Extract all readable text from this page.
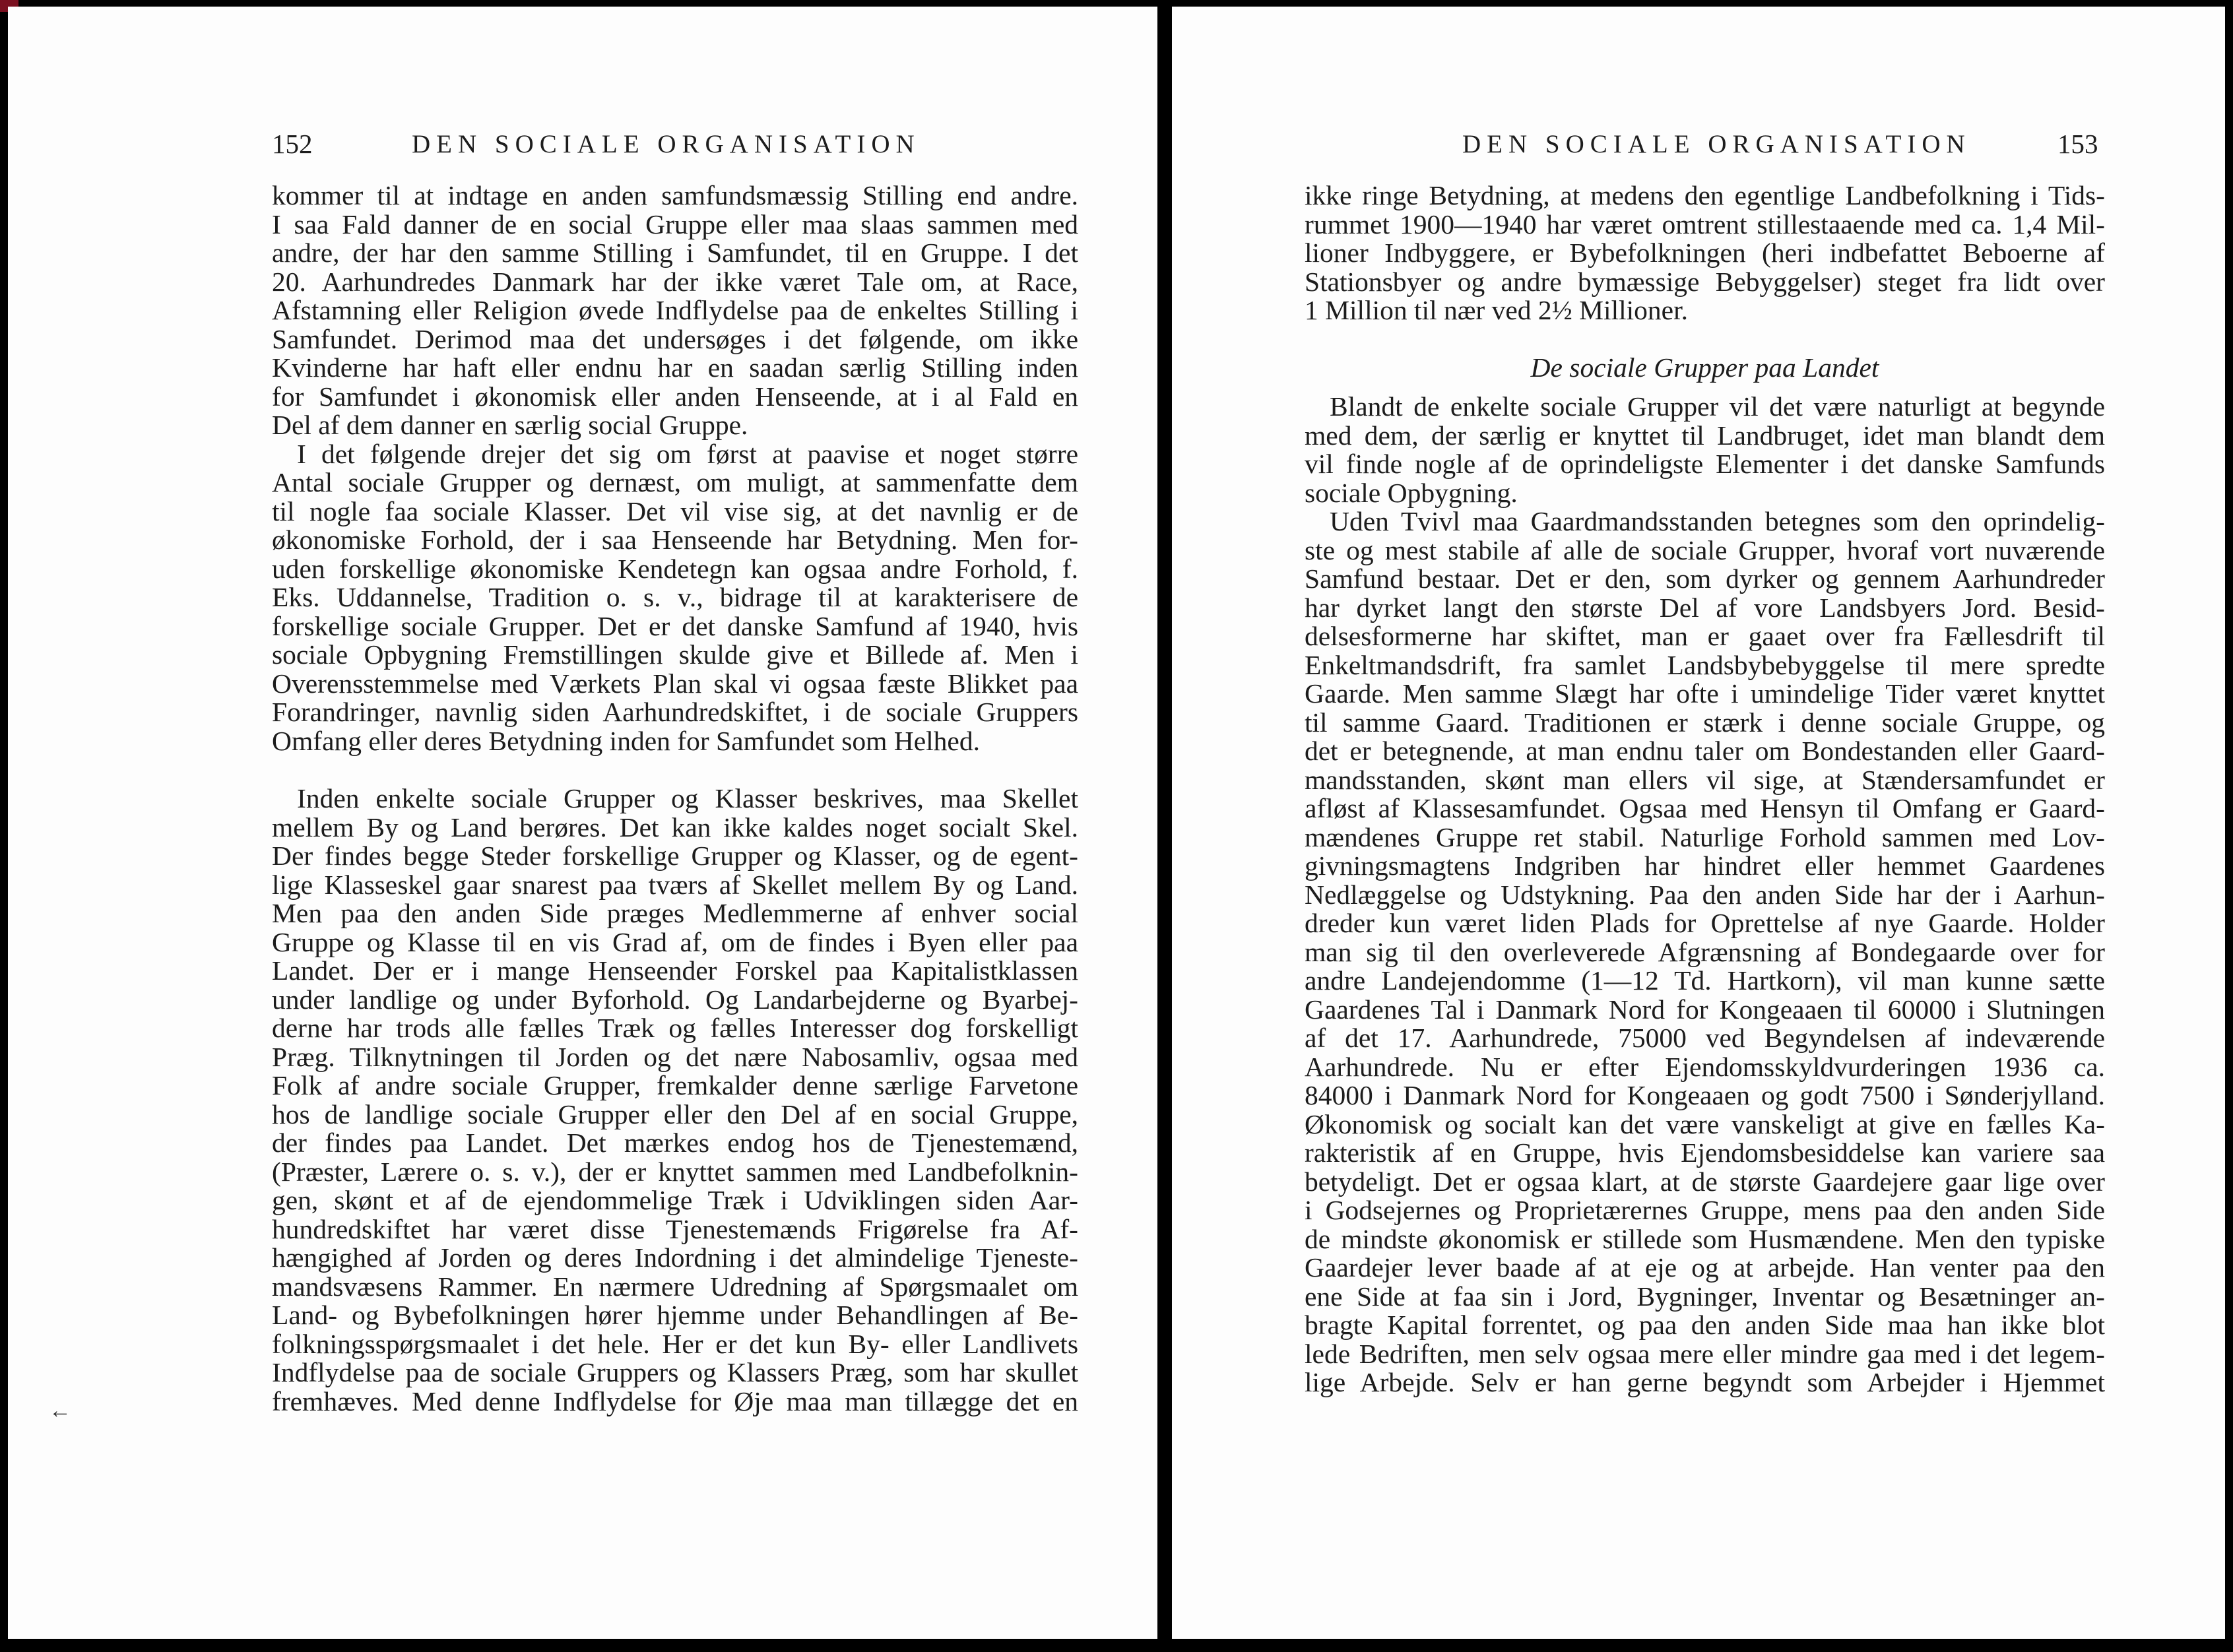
152	DEN SOCIALE ORGANISATION
kommer til at indtage en anden samfundsmæssig Stilling end andre.
I saa Fald danner de en social Gruppe eller maa slaas sammen med
andre, der har den samme Stilling i Samfundet, til en Gruppe. I det
20. Aarhundredes Danmark har der ikke været Tale om, at Race,
Afstamning eller Religion øvede Indflydelse paa de enkeltes Stilling i
Samfundet. Derimod maa det undersøges i det følgende, om ikke
Kvinderne har haft eller endnu har en saadan særlig Stilling inden
for Samfundet i økonomisk eller anden Henseende, at i al Fald en
Del af dem danner en særlig social Gruppe.
I det følgende drejer det sig om først at paavise et noget større
Antal sociale Grupper og dernæst, om muligt, at sammenfatte dem
til nogle faa sociale Klasser. Det vil vise sig, at det navnlig er de
økonomiske Forhold, der i saa Henseende har Betydning. Men for-
uden forskellige økonomiske Kendetegn kan ogsaa andre Forhold, f.
Eks. Uddannelse, Tradition o. s. v., bidrage til at karakterisere de
forskellige sociale Grupper. Det er det danske Samfund af 1940, hvis
sociale Opbygning Fremstillingen skulde give et Billede af. Men i
Overensstemmelse med Værkets Plan skal vi ogsaa fæste Blikket paa
Forandringer, navnlig siden Aarhundredskiftet, i de sociale Gruppers
Omfang eller deres Betydning inden for Samfundet som Helhed.
Inden enkelte sociale Grupper og Klasser beskrives, maa Skellet
mellem By og Land berøres. Det kan ikke kaldes noget socialt Skel.
Der findes begge Steder forskellige Grupper og Klasser, og de egent-
lige Klasseskel gaar snarest paa tværs af Skellet mellem By og Land.
Men paa den anden Side præges Medlemmerne af enhver social
Gruppe og Klasse til en vis Grad af, om de findes i Byen eller paa
Landet. Der er i mange Henseender Forskel paa Kapitalistklassen
under landlige og under Byforhold. Og Landarbejderne og Byarbej-
derne har trods alle fælles Træk og fælles Interesser dog forskelligt
Præg. Tilknytningen til Jorden og det nære Nabosamliv, ogsaa med
Folk af andre sociale Grupper, fremkalder denne særlige Farvetone
hos de landlige sociale Grupper eller den Del af en social Gruppe,
der findes paa Landet. Det mærkes endog hos de Tjenestemænd,
(Præster, Lærere o. s. v.), der er knyttet sammen med Landbefolknin-
gen, skønt et af de ejendommelige Træk i Udviklingen siden Aar-
hundredskiftet har været disse Tjenestemænds Frigørelse fra Af-
hængighed af Jorden og deres Indordning i det almindelige Tjeneste-
mandsvæsens Rammer. En nærmere Udredning af Spørgsmaalet om
Land- og Bybefolkningen hører hjemme under Behandlingen af Be-
folkningsspørgsmaalet i det hele. Her er det kun By- eller Landlivets
Indflydelse paa de sociale Gruppers og Klassers Præg, som har skullet
fremhæves. Med denne Indflydelse for Øje maa man tillægge det en
←
DEN SOCIALE ORGANISATION	153
ikke ringe Betydning, at medens den egentlige Landbefolkning i Tids-
rummet 1900—1940 har været omtrent stillestaaende med ca. 1,4 Mil-
lioner Indbyggere, er Bybefolkningen (heri indbefattet Beboerne af
Stationsbyer og andre bymæssige Bebyggelser) steget fra lidt over
1 Million til nær ved 2½ Millioner.
De sociale Grupper paa Landet
Blandt de enkelte sociale Grupper vil det være naturligt at begynde
med dem, der særlig er knyttet til Landbruget, idet man blandt dem
vil finde nogle af de oprindeligste Elementer i det danske Samfunds
sociale Opbygning.
Uden Tvivl maa Gaardmandsstanden betegnes som den oprindelig-
ste og mest stabile af alle de sociale Grupper, hvoraf vort nuværende
Samfund bestaar. Det er den, som dyrker og gennem Aarhundreder
har dyrket langt den største Del af vore Landsbyers Jord. Besid-
delsesformerne har skiftet, man er gaaet over fra Fællesdrift til
Enkeltmandsdrift, fra samlet Landsbybebyggelse til mere spredte
Gaarde. Men samme Slægt har ofte i umindelige Tider været knyttet
til samme Gaard. Traditionen er stærk i denne sociale Gruppe, og
det er betegnende, at man endnu taler om Bondestanden eller Gaard-
mandsstanden, skønt man ellers vil sige, at Stændersamfundet er
afløst af Klassesamfundet. Ogsaa med Hensyn til Omfang er Gaard-
mændenes Gruppe ret stabil. Naturlige Forhold sammen med Lov-
givningsmagtens Indgriben har hindret eller hemmet Gaardenes
Nedlæggelse og Udstykning. Paa den anden Side har der i Aarhun-
dreder kun været liden Plads for Oprettelse af nye Gaarde. Holder
man sig til den overleverede Afgrænsning af Bondegaarde over for
andre Landejendomme (1—12 Td. Hartkorn), vil man kunne sætte
Gaardenes Tal i Danmark Nord for Kongeaaen til 60000 i Slutningen
af det 17. Aarhundrede, 75000 ved Begyndelsen af indeværende
Aarhundrede. Nu er efter Ejendomsskyldvurderingen 1936 ca.
84000 i Danmark Nord for Kongeaaen og godt 7500 i Sønderjylland.
Økonomisk og socialt kan det være vanskeligt at give en fælles Ka-
rakteristik af en Gruppe, hvis Ejendomsbesiddelse kan variere saa
betydeligt. Det er ogsaa klart, at de største Gaardejere gaar lige over
i Godsejernes og Proprietærernes Gruppe, mens paa den anden Side
de mindste økonomisk er stillede som Husmændene. Men den typiske
Gaardejer lever baade af at eje og at arbejde. Han venter paa den
ene Side at faa sin i Jord, Bygninger, Inventar og Besætninger an-
bragte Kapital forrentet, og paa den anden Side maa han ikke blot
lede Bedriften, men selv ogsaa mere eller mindre gaa med i det legem-
lige Arbejde. Selv er han gerne begyndt som Arbejder i Hjemmet
